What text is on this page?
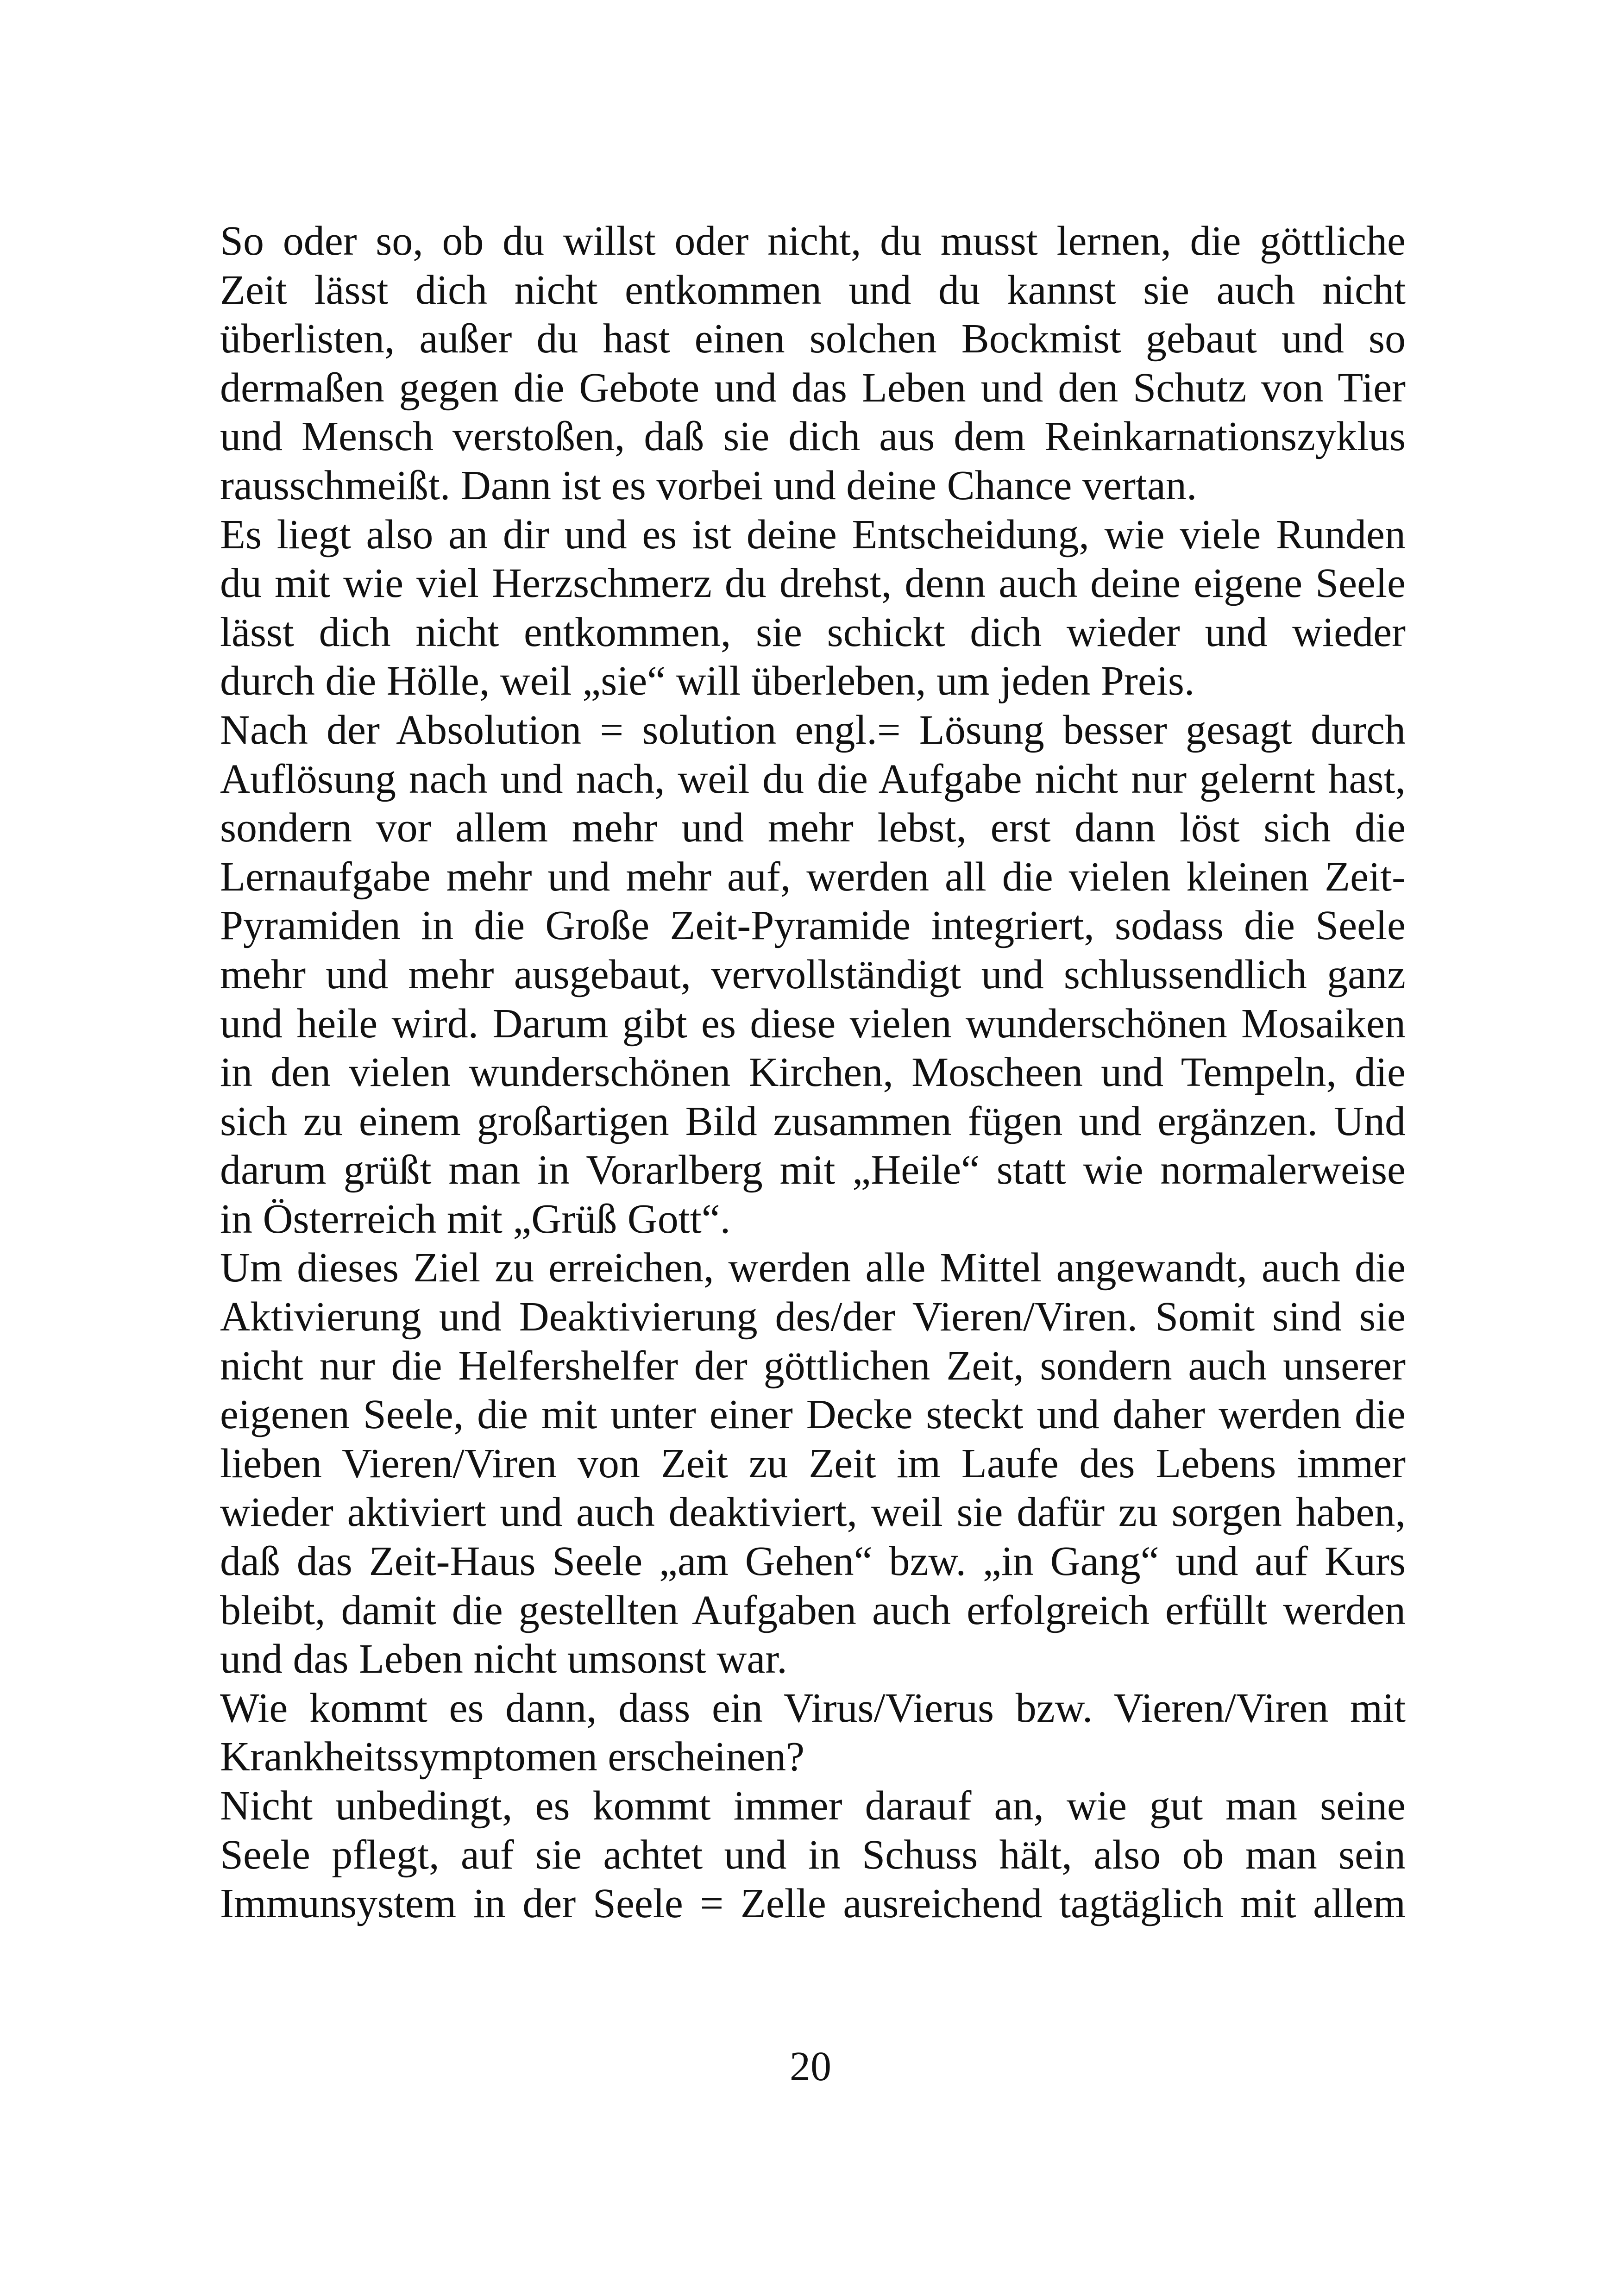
So oder so, ob du willst oder nicht, du musst lernen, die göttliche
Zeit lässt dich nicht entkommen und du kannst sie auch nicht
überlisten, außer du hast einen solchen Bockmist gebaut und so
dermaßen gegen die Gebote und das Leben und den Schutz von Tier
und Mensch verstoßen, daß sie dich aus dem Reinkarnationszyklus
rausschmeißt. Dann ist es vorbei und deine Chance vertan.
Es liegt also an dir und es ist deine Entscheidung, wie viele Runden
du mit wie viel Herzschmerz du drehst, denn auch deine eigene Seele
lässt dich nicht entkommen, sie schickt dich wieder und wieder
durch die Hölle, weil „sie“ will überleben, um jeden Preis.
Nach der Absolution = solution engl.= Lösung besser gesagt durch
Auflösung nach und nach, weil du die Aufgabe nicht nur gelernt hast,
sondern vor allem mehr und mehr lebst, erst dann löst sich die
Lernaufgabe mehr und mehr auf, werden all die vielen kleinen Zeit-
Pyramiden in die Große Zeit-Pyramide integriert, sodass die Seele
mehr und mehr ausgebaut, vervollständigt und schlussendlich ganz
und heile wird. Darum gibt es diese vielen wunderschönen Mosaiken
in den vielen wunderschönen Kirchen, Moscheen und Tempeln, die
sich zu einem großartigen Bild zusammen fügen und ergänzen. Und
darum grüßt man in Vorarlberg mit „Heile“ statt wie normalerweise
in Österreich mit „Grüß Gott“.
Um dieses Ziel zu erreichen, werden alle Mittel angewandt, auch die
Aktivierung und Deaktivierung des/der Vieren/Viren. Somit sind sie
nicht nur die Helfershelfer der göttlichen Zeit, sondern auch unserer
eigenen Seele, die mit unter einer Decke steckt und daher werden die
lieben Vieren/Viren von Zeit zu Zeit im Laufe des Lebens immer
wieder aktiviert und auch deaktiviert, weil sie dafür zu sorgen haben,
daß das Zeit-Haus Seele „am Gehen“ bzw. „in Gang“ und auf Kurs
bleibt, damit die gestellten Aufgaben auch erfolgreich erfüllt werden
und das Leben nicht umsonst war.
Wie kommt es dann, dass ein Virus/Vierus bzw. Vieren/Viren mit
Krankheitssymptomen erscheinen?
Nicht unbedingt, es kommt immer darauf an, wie gut man seine
Seele pflegt, auf sie achtet und in Schuss hält, also ob man sein
Immunsystem in der Seele = Zelle ausreichend tagtäglich mit allem
20
